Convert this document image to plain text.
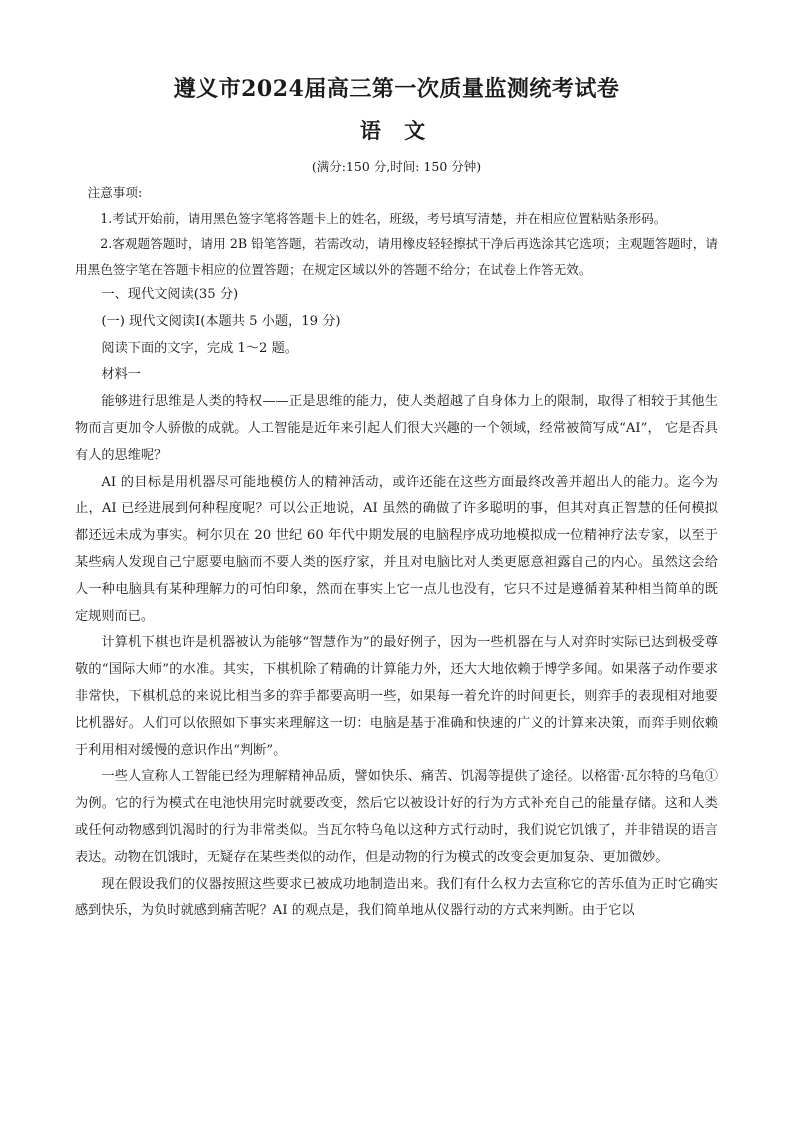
遵义市2024届高三第一次质量监测统考试卷
语 文
(满分:150 分,时间: 150 分钟)

注意事项:

1.考试开始前，请用黑色签字笔将答题卡上的姓名，班级，考号填写清楚，并在相应位置粘贴条形码。

2.客观题答题时，请用 2B 铅笔答题，若需改动，请用橡皮轻轻擦拭干净后再选涂其它选项；主观题答题时，请用黑色签字笔在答题卡相应的位置答题；在规定区域以外的答题不给分；在试卷上作答无效。

一、现代文阅读(35 分)

(一) 现代文阅读Ⅰ(本题共 5 小题，19 分)

阅读下面的文字，完成 1～2 题。

材料一

能够进行思维是人类的特权——正是思维的能力，使人类超越了自身体力上的限制，取得了相较于其他生物而言更加令人骄傲的成就。人工智能是近年来引起人们很大兴趣的一个领域，经常被简写成“AI”， 它是否具有人的思维呢？

AI 的目标是用机器尽可能地模仿人的精神活动，或许还能在这些方面最终改善并超出人的能力。迄今为止，AI 已经进展到何种程度呢？可以公正地说，AI 虽然的确做了许多聪明的事，但其对真正智慧的任何模拟都还远未成为事实。柯尔贝在 20 世纪 60 年代中期发展的电脑程序成功地模拟成一位精神疗法专家，以至于某些病人发现自己宁愿要电脑而不要人类的医疗家，并且对电脑比对人类更愿意袒露自己的内心。虽然这会给人一种电脑具有某种理解力的可怕印象，然而在事实上它一点儿也没有，它只不过是遵循着某种相当简单的既定规则而已。

计算机下棋也许是机器被认为能够“智慧作为”的最好例子，因为一些机器在与人对弈时实际已达到极受尊敬的“国际大师”的水准。其实，下棋机除了精确的计算能力外，还大大地依赖于博学多闻。如果落子动作要求非常快，下棋机总的来说比相当多的弈手都要高明一些，如果每一着允许的时间更长，则弈手的表现相对地要比机器好。人们可以依照如下事实来理解这一切：电脑是基于准确和快速的广义的计算来决策，而弈手则依赖于利用相对缓慢的意识作出“判断”。

一些人宣称人工智能已经为理解精神品质，譬如快乐、痛苦、饥渴等提供了途径。以格雷·瓦尔特的乌龟①为例。它的行为模式在电池快用完时就要改变，然后它以被设计好的行为方式补充自己的能量存储。这和人类或任何动物感到饥渴时的行为非常类似。当瓦尔特乌龟以这种方式行动时，我们说它饥饿了，并非错误的语言表达。动物在饥饿时，无疑存在某些类似的动作，但是动物的行为模式的改变会更加复杂、更加微妙。

现在假设我们的仪器按照这些要求已被成功地制造出来。我们有什么权力去宣称它的苦乐值为正时它确实感到快乐，为负时就感到痛苦呢？AI 的观点是，我们简单地从仪器行动的方式来判断。由于它以
